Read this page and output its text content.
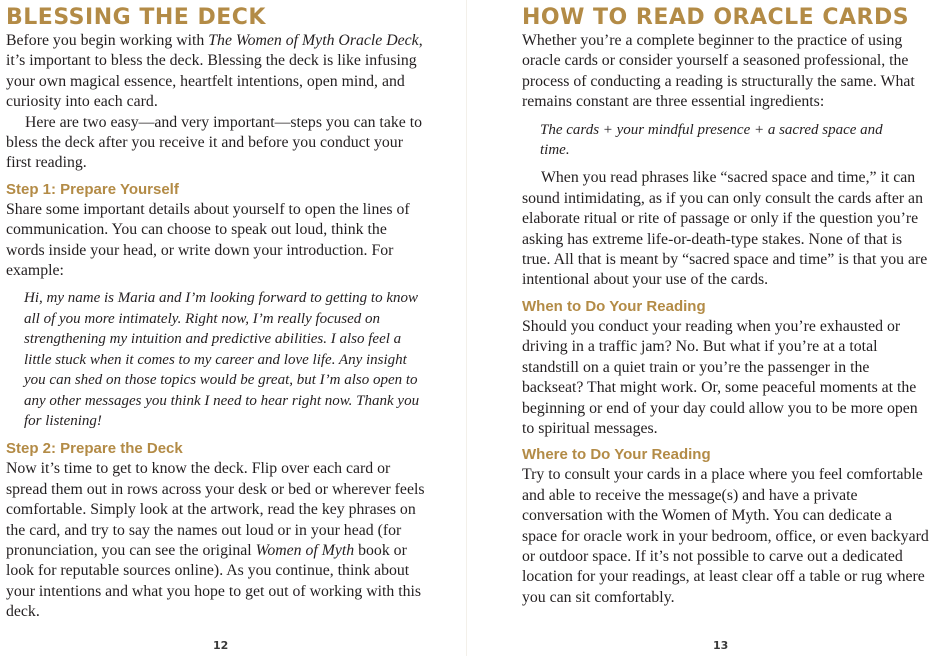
BLESSING THE DECK

Before you begin working with The Women of Myth Oracle Deck, it’s important to bless the deck. Blessing the deck is like infusing your own magical essence, heartfelt intentions, open mind, and curiosity into each card.

Here are two easy—and very important—steps you can take to bless the deck after you receive it and before you conduct your first reading.

Step 1: Prepare Yourself

Share some important details about yourself to open the lines of communication. You can choose to speak out loud, think the words inside your head, or write down your introduction. For example:

Hi, my name is Maria and I’m looking forward to getting to know all of you more intimately. Right now, I’m really focused on strengthening my intuition and predictive abilities. I also feel a little stuck when it comes to my career and love life. Any insight you can shed on those topics would be great, but I’m also open to any other messages you think I need to hear right now. Thank you for listening!
Step 2: Prepare the Deck

Now it’s time to get to know the deck. Flip over each card or spread them out in rows across your desk or bed or wherever feels comfortable. Simply look at the artwork, read the key phrases on the card, and try to say the names out loud or in your head (for pronunciation, you can see the original Women of Myth book or look for reputable sources online). As you continue, think about your intentions and what you hope to get out of working with this deck.

12
HOW TO READ ORACLE CARDS

Whether you’re a complete beginner to the practice of using oracle cards or consider yourself a seasoned professional, the process of conducting a reading is structurally the same. What remains constant are three essential ingredients:

The cards + your mindful presence + a sacred space and time.

When you read phrases like “sacred space and time,” it can sound intimidating, as if you can only consult the cards after an elaborate ritual or rite of passage or only if the question you’re asking has extreme life-or-death-type stakes. None of that is true. All that is meant by “sacred space and time” is that you are intentional about your use of the cards.

When to Do Your Reading

Should you conduct your reading when you’re exhausted or driving in a traffic jam? No. But what if you’re at a total standstill on a quiet train or you’re the passenger in the backseat? That might work. Or, some peaceful moments at the beginning or end of your day could allow you to be more open to spiritual messages.

Where to Do Your Reading

Try to consult your cards in a place where you feel comfortable and able to receive the message(s) and have a private conversation with the Women of Myth. You can dedicate a space for oracle work in your bedroom, office, or even backyard or outdoor space. If it’s not possible to carve out a dedicated location for your readings, at least clear off a table or rug where you can sit comfortably.

13
